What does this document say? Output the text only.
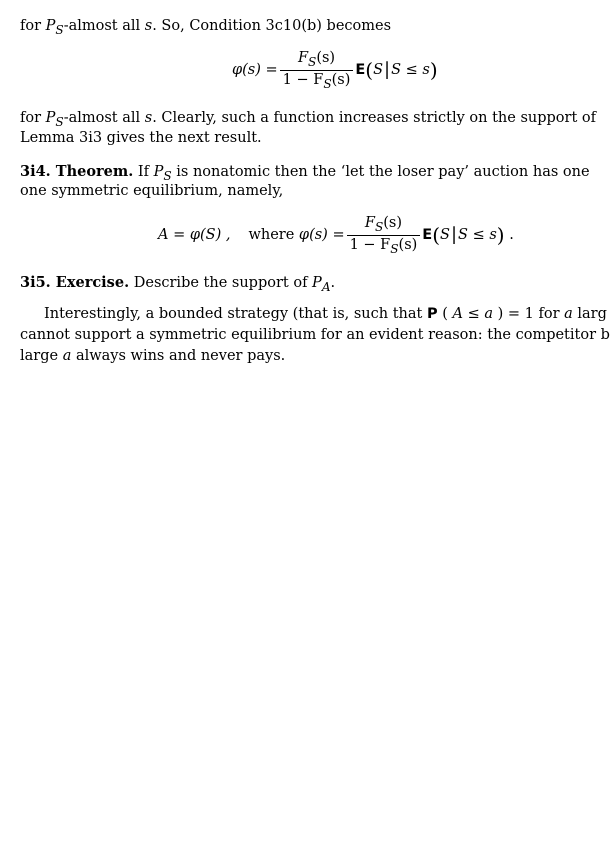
for $P_S$-almost all s. So, Condition 3c10(b) becomes
$\varphi(s) = \frac{F_S(s)}{1 - F_S(s)}$ E ( S | S ≤ s )
for $P_S$-almost all s. Clearly, such a function increases strictly on the support of
Lemma 3i3 gives the next result.
3i4. Theorem. If $P_S$ is nonatomic then the ‘let the loser pay’ auction has one
one symmetric equilibrium, namely,
A = φ(S) , where
$\varphi(s) = \frac{F_S(s)}{1 - F_S(s)}$ E ( S | S ≤ s )
.
3i5. Exercise. Describe the support of $P_A$.
Interestingly, a bounded strategy (that is, such that P ( A ≤ a ) = 1 for a larg
cannot support a symmetric equilibrium for an evident reason: the competitor b
large a always wins and never pays.
